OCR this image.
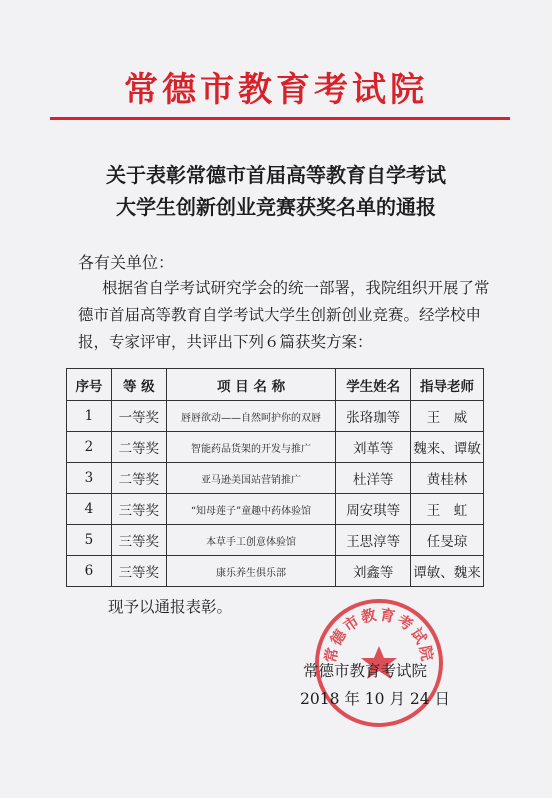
常德市教育考试院
关于表彰常德市首届高等教育自学考试
大学生创新创业竞赛获奖名单的通报
各有关单位：
根据省自学考试研究学会的统一部署，我院组织开展了常德市首届高等教育自学考试大学生创新创业竞赛。经学校申报，专家评审，共评出下列６篇获奖方案：
序号	等 级	项 目 名 称	学生姓名	指导老师
1	一等奖	唇唇欲动——自然呵护你的双唇	张珞珈等	王　威
2	二等奖	智能药品货架的开发与推广	刘革等	魏来、谭敏
3	二等奖	亚马逊美国站营销推广	杜洋等	黄桂林
4	三等奖	“知母莲子”童趣中药体验馆	周安琪等	王　虹
5	三等奖	本草手工创意体验馆	王思淳等	任旻琼
6	三等奖	康乐养生俱乐部	刘鑫等	谭敏、魏来
现予以通报表彰。
常德市教育考试院
常德市教育考试院
2018 年 10 月 24 日
